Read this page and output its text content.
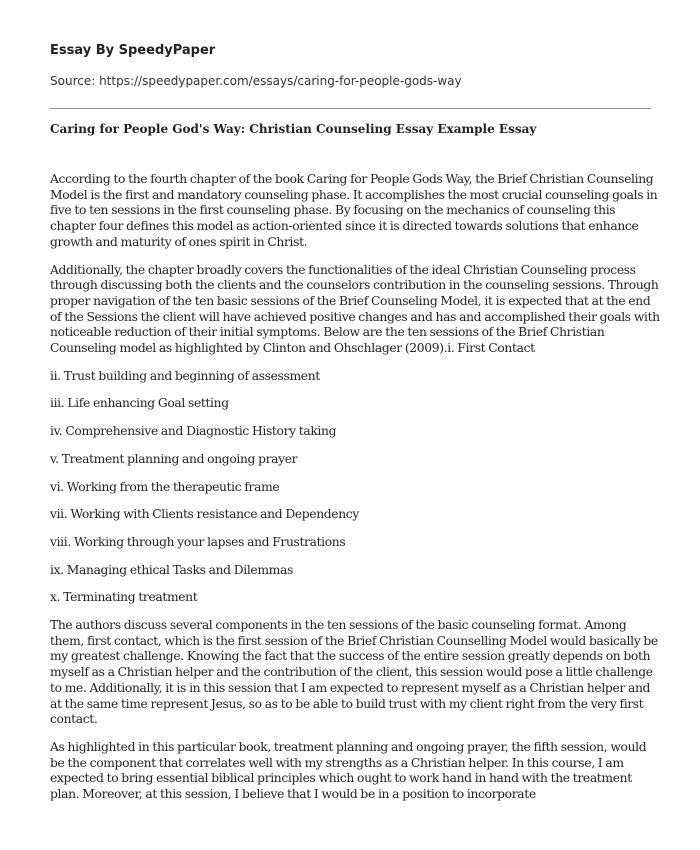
Essay By SpeedyPaper
Source: https://speedypaper.com/essays/caring-for-people-gods-way
Caring for People God's Way: Christian Counseling Essay Example Essay

According to the fourth chapter of the book Caring for People Gods Way, the Brief Christian Counseling Model is the first and mandatory counseling phase. It accomplishes the most crucial counseling goals in five to ten sessions in the first counseling phase. By focusing on the mechanics of counseling this chapter four defines this model as action-oriented since it is directed towards solutions that enhance growth and maturity of ones spirit in Christ.

Additionally, the chapter broadly covers the functionalities of the ideal Christian Counseling process through discussing both the clients and the counselors contribution in the counseling sessions. Through proper navigation of the ten basic sessions of the Brief Counseling Model, it is expected that at the end of the Sessions the client will have achieved positive changes and has and accomplished their goals with noticeable reduction of their initial symptoms. Below are the ten sessions of the Brief Christian Counseling model as highlighted by Clinton and Ohschlager (2009).i. First Contact

ii. Trust building and beginning of assessment

iii. Life enhancing Goal setting

iv. Comprehensive and Diagnostic History taking

v. Treatment planning and ongoing prayer

vi. Working from the therapeutic frame

vii. Working with Clients resistance and Dependency

viii. Working through your lapses and Frustrations

ix. Managing ethical Tasks and Dilemmas

x. Terminating treatment

The authors discuss several components in the ten sessions of the basic counseling format. Among them, first contact, which is the first session of the Brief Christian Counselling Model would basically be my greatest challenge. Knowing the fact that the success of the entire session greatly depends on both myself as a Christian helper and the contribution of the client, this session would pose a little challenge to me. Additionally, it is in this session that I am expected to represent myself as a Christian helper and at the same time represent Jesus, so as to be able to build trust with my client right from the very first contact.

As highlighted in this particular book, treatment planning and ongoing prayer, the fifth session, would be the component that correlates well with my strengths as a Christian helper. In this course, I am expected to bring essential biblical principles which ought to work hand in hand with the treatment plan. Moreover, at this session, I believe that I would be in a position to incorporate
